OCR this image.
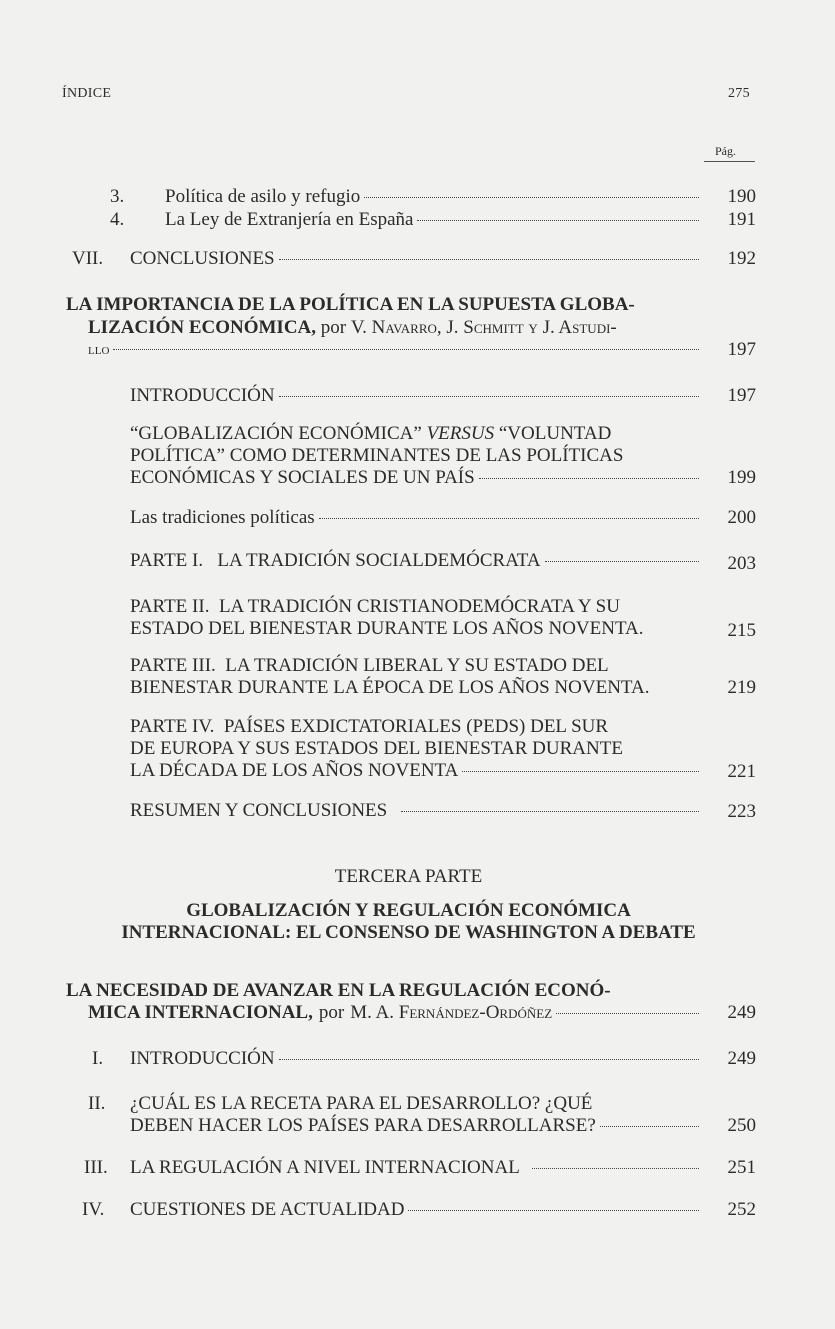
ÍNDICE	275
Pág.
3. Política de asilo y refugio	190
4. La Ley de Extranjería en España	191
VII. CONCLUSIONES	192
LA IMPORTANCIA DE LA POLÍTICA EN LA SUPUESTA GLOBA-
LIZACIÓN ECONÓMICA, por V. Navarro, J. Schmitt y J. Astudi-
llo	197
INTRODUCCIÓN	197
“GLOBALIZACIÓN ECONÓMICA” VERSUS “VOLUNTAD
POLÍTICA” COMO DETERMINANTES DE LAS POLÍTICAS
ECONÓMICAS Y SOCIALES DE UN PAÍS	199
Las tradiciones políticas	200
PARTE I.   LA TRADICIÓN SOCIALDEMÓCRATA	203
PARTE II.  LA TRADICIÓN CRISTIANODEMÓCRATA Y SU
ESTADO DEL BIENESTAR DURANTE LOS AÑOS NOVENTA.	215
PARTE III.  LA TRADICIÓN LIBERAL Y SU ESTADO DEL
BIENESTAR DURANTE LA ÉPOCA DE LOS AÑOS NOVENTA.	219
PARTE IV.  PAÍSES EXDICTATORIALES (PEDS) DEL SUR
DE EUROPA Y SUS ESTADOS DEL BIENESTAR DURANTE
LA DÉCADA DE LOS AÑOS NOVENTA	221
RESUMEN Y CONCLUSIONES	223
TERCERA PARTE
GLOBALIZACIÓN Y REGULACIÓN ECONÓMICA
INTERNACIONAL: EL CONSENSO DE WASHINGTON A DEBATE
LA NECESIDAD DE AVANZAR EN LA REGULACIÓN ECONÓ-
MICA INTERNACIONAL, por M. A. Fernández-Ordóñez	249
I. INTRODUCCIÓN	249
II. ¿CUÁL ES LA RECETA PARA EL DESARROLLO? ¿QUÉ
DEBEN HACER LOS PAÍSES PARA DESARROLLARSE?	250
III. LA REGULACIÓN A NIVEL INTERNACIONAL	251
IV. CUESTIONES DE ACTUALIDAD	252
